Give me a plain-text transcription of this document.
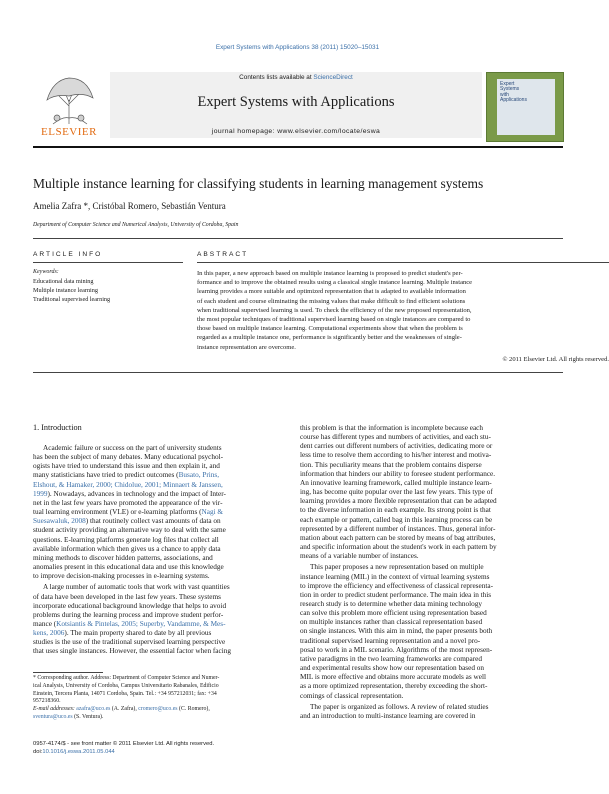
Expert Systems with Applications 38 (2011) 15020–15031
ELSEVIER
Contents lists available at ScienceDirect
Expert Systems with Applications
journal homepage: www.elsevier.com/locate/eswa
Expert
Systems
with
Applications
Multiple instance learning for classifying students in learning management systems
Amelia Zafra *, Cristóbal Romero, Sebastián Ventura
Department of Computer Science and Numerical Analysis, University of Cordoba, Spain
ARTICLE INFO
Keywords:
Educational data mining
Multiple instance learning
Traditional supervised learning
ABSTRACT
In this paper, a new approach based on multiple instance learning is proposed to predict student's per-
formance and to improve the obtained results using a classical single instance learning. Multiple instance
learning provides a more suitable and optimized representation that is adapted to available information
of each student and course eliminating the missing values that make difficult to find efficient solutions
when traditional supervised learning is used. To check the efficiency of the new proposed representation,
the most popular techniques of traditional supervised learning based on single instances are compared to
those based on multiple instance learning. Computational experiments show that when the problem is
regarded as a multiple instance one, performance is significantly better and the weaknesses of single-
instance representation are overcome.
© 2011 Elsevier Ltd. All rights reserved.
1. Introduction
Academic failure or success on the part of university students
has been the subject of many debates. Many educational psychol-
ogists have tried to understand this issue and then explain it, and
many statisticians have tried to predict outcomes (Busato, Prins,
Elshout, & Hamaker, 2000; Chidolue, 2001; Minnaert & Janssen,
1999). Nowadays, advances in technology and the impact of Inter-
net in the last few years have promoted the appearance of the vir-
tual learning environment (VLE) or e-learning platforms (Nagi &
Suesawaluk, 2008) that routinely collect vast amounts of data on
student activity providing an alternative way to deal with the same
questions. E-learning platforms generate log files that collect all
available information which then gives us a chance to apply data
mining methods to discover hidden patterns, associations, and
anomalies present in this educational data and use this knowledge
to improve decision-making processes in e-learning systems.
A large number of automatic tools that work with vast quantities
of data have been developed in the last few years. These systems
incorporate educational background knowledge that helps to avoid
problems during the learning process and improve student perfor-
mance (Kotsiantis & Pintelas, 2005; Superby, Vandamme, & Mes-
kens, 2006). The main property shared to date by all previous
studies is the use of the traditional supervised learning perspective
that uses single instances. However, the essential factor when facing
* Corresponding author. Address: Department of Computer Science and Numer-
ical Analysis, University of Cordoba, Campus Universitario Rabanales, Edificio
Einstein, Tercera Planta, 14071 Cordoba, Spain. Tel.: +34 957212031; fax: +34
957218360.
E-mail addresses: azafra@uco.es (A. Zafra), cromero@uco.es (C. Romero),
sventura@uco.es (S. Ventura).
0957-4174/$ - see front matter © 2011 Elsevier Ltd. All rights reserved.
doi:10.1016/j.eswa.2011.05.044
this problem is that the information is incomplete because each
course has different types and numbers of activities, and each stu-
dent carries out different numbers of activities, dedicating more or
less time to resolve them according to his/her interest and motiva-
tion. This peculiarity means that the problem contains disperse
information that hinders our ability to foresee student performance.
An innovative learning framework, called multiple instance learn-
ing, has become quite popular over the last few years. This type of
learning provides a more flexible representation that can be adapted
to the diverse information in each example. Its strong point is that
each example or pattern, called bag in this learning process can be
represented by a different number of instances. Thus, general infor-
mation about each pattern can be stored by means of bag attributes,
and specific information about the student's work in each pattern by
means of a variable number of instances.
This paper proposes a new representation based on multiple
instance learning (MIL) in the context of virtual learning systems
to improve the efficiency and effectiveness of classical representa-
tion in order to predict student performance. The main idea in this
research study is to determine whether data mining technology
can solve this problem more efficient using representation based
on multiple instances rather than classical representation based
on single instances. With this aim in mind, the paper presents both
traditional supervised learning representation and a novel pro-
posal to work in a MIL scenario. Algorithms of the most represen-
tative paradigms in the two learning frameworks are compared
and experimental results show how our representation based on
MIL is more effective and obtains more accurate models as well
as a more optimized representation, thereby exceeding the short-
comings of classical representation.
The paper is organized as follows. A review of related studies
and an introduction to multi-instance learning are covered in
